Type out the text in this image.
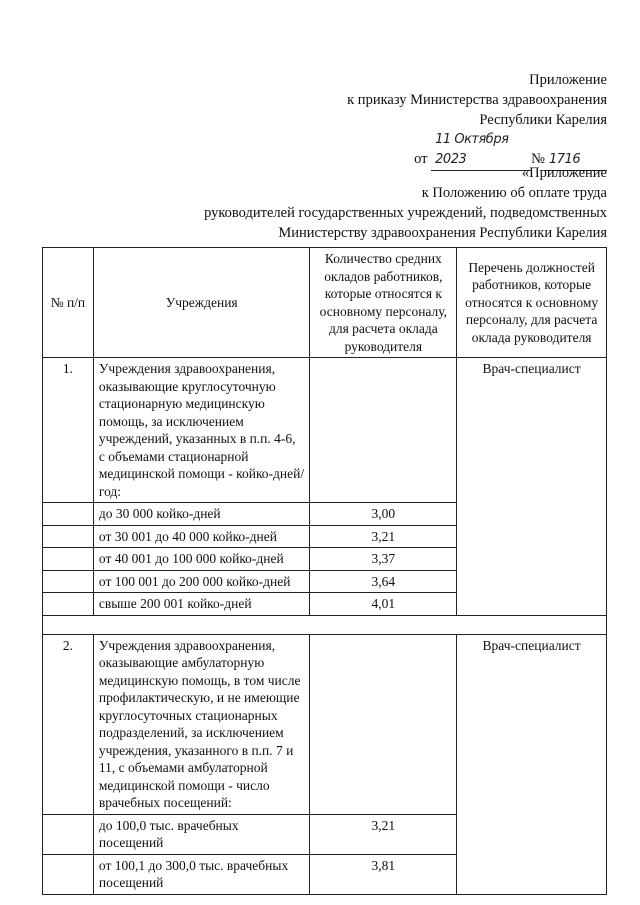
Приложение
к приказу Министерства здравоохранения
Республики Карелия
от 11 Октября 2023	№ 1716
«Приложение
к Положению об оплате труда
руководителей государственных учреждений, подведомственных
Министерству здравоохранения Республики Карелия
№ п/п	Учреждения	Количество средних окладов работников, которые относятся к основному персоналу, для расчета оклада руководителя	Перечень должностей работников, которые относятся к основному персоналу, для расчета оклада руководителя
1.	Учреждения здравоохранения, оказывающие круглосуточную стационарную медицинскую помощь, за исключением учреждений, указанных в п.п. 4-6, с объемами стационарной медицинской помощи - койко-дней/год:		Врач-специалист
	до 30 000 койко-дней	3,00	
	от 30 001 до 40 000 койко-дней	3,21	
	от 40 001 до 100 000 койко-дней	3,37	
	от 100 001 до 200 000 койко-дней	3,64	
	свыше 200 001 койко-дней	4,01	

2.	Учреждения здравоохранения, оказывающие амбулаторную медицинскую помощь, в том числе профилактическую, и не имеющие круглосуточных стационарных подразделений, за исключением учреждения, указанного в п.п. 7 и 11, с объемами амбулаторной медицинской помощи - число врачебных посещений:		Врач-специалист
	до 100,0 тыс. врачебных посещений	3,21	
	от 100,1 до 300,0 тыс. врачебных посещений	3,81	
